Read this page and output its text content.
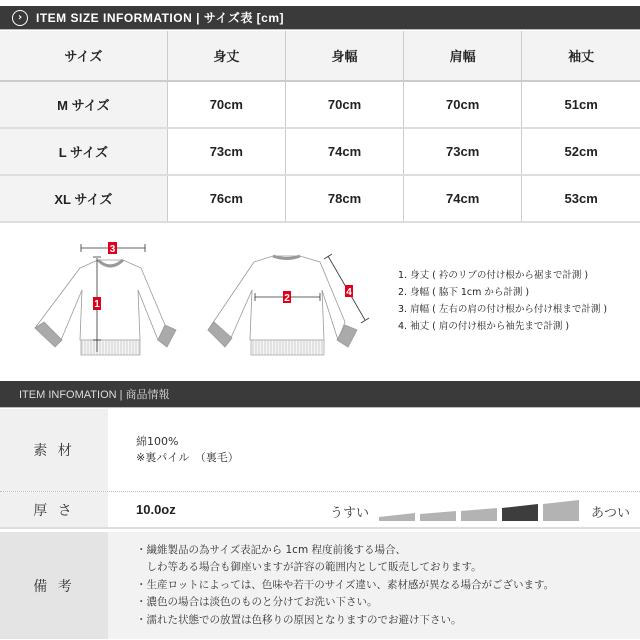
›	ITEM SIZE INFORMATION | サイズ表 [cm]
サイズ	身丈	身幅	肩幅	袖丈
M サイズ	70cm	70cm	70cm	51cm
L サイズ	73cm	74cm	73cm	52cm
XL サイズ	76cm	78cm	74cm	53cm
3
1
2
4
1. 身丈 ( 衿のリブの付け根から裾まで計測 )
2. 身幅 ( 脇下 1cm から計測 )
3. 肩幅 ( 左右の肩の付け根から付け根まで計測 )
4. 袖丈 ( 肩の付け根から袖先まで計測 )
ITEM INFOMATION | 商品情報
素 材
綿100%
※裏パイル　（裏毛）
厚 さ	10.0oz	うすい	あつい
備 考
・繊維製品の為サイズ表記から 1cm 程度前後する場合、
　しわ等ある場合も御座いますが許容の範囲内として販売しております。
・生産ロットによっては、色味や若干のサイズ違い、素材感が異なる場合がございます。
・濃色の場合は淡色のものと分けてお洗い下さい。
・濡れた状態での放置は色移りの原因となりますのでお避け下さい。
